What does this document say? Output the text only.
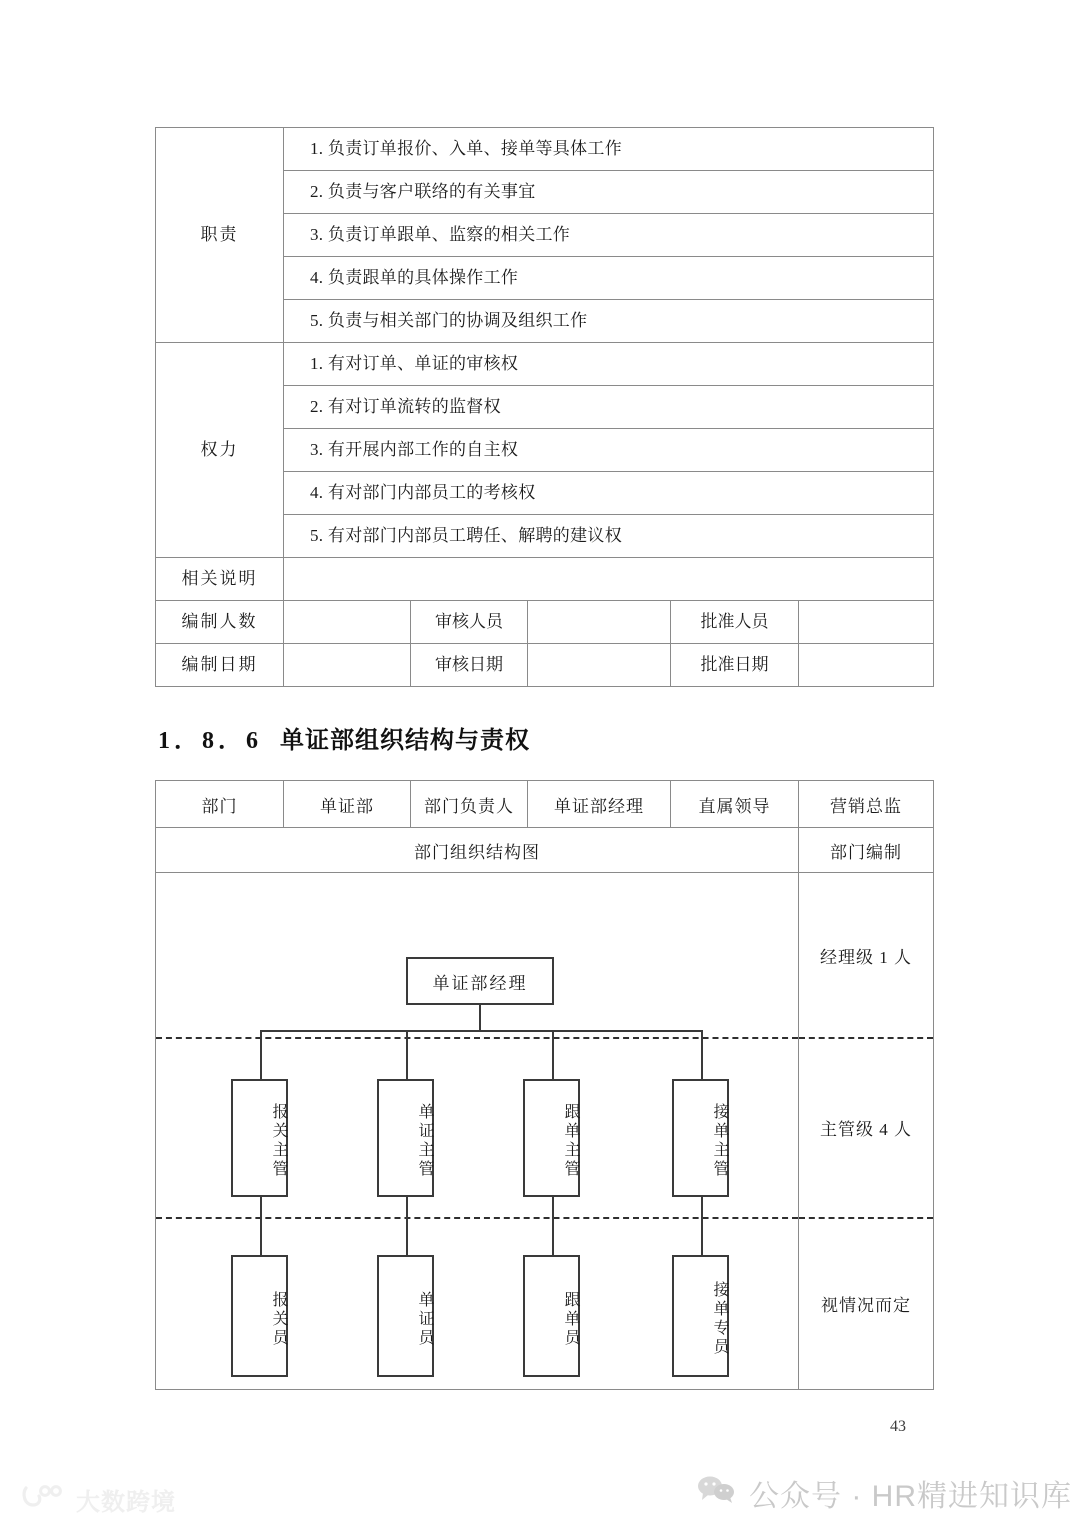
职责	1. 负责订单报价、入单、接单等具体工作				
	2. 负责与客户联络的有关事宜				
	3. 负责订单跟单、监察的相关工作				
	4. 负责跟单的具体操作工作				
	5. 负责与相关部门的协调及组织工作				
权力	1. 有对订单、单证的审核权				
	2. 有对订单流转的监督权				
	3. 有开展内部工作的自主权				
	4. 有对部门内部员工的考核权				
	5. 有对部门内部员工聘任、解聘的建议权				
相关说明					
编制人数		审核人员		批准人员	
编制日期		审核日期		批准日期	
1．8．6 单证部组织结构与责权
部门	单证部	部门负责人	单证部经理	直属领导	营销总监
部门组织结构图					部门编制

单证部经理
报关主管	单证主管	跟单主管	接单主管
报关员	单证员	跟单员	接单专员

经理级 1 人
主管级 4 人
视情况而定
43
公众号 · HR精进知识库
大数跨境
